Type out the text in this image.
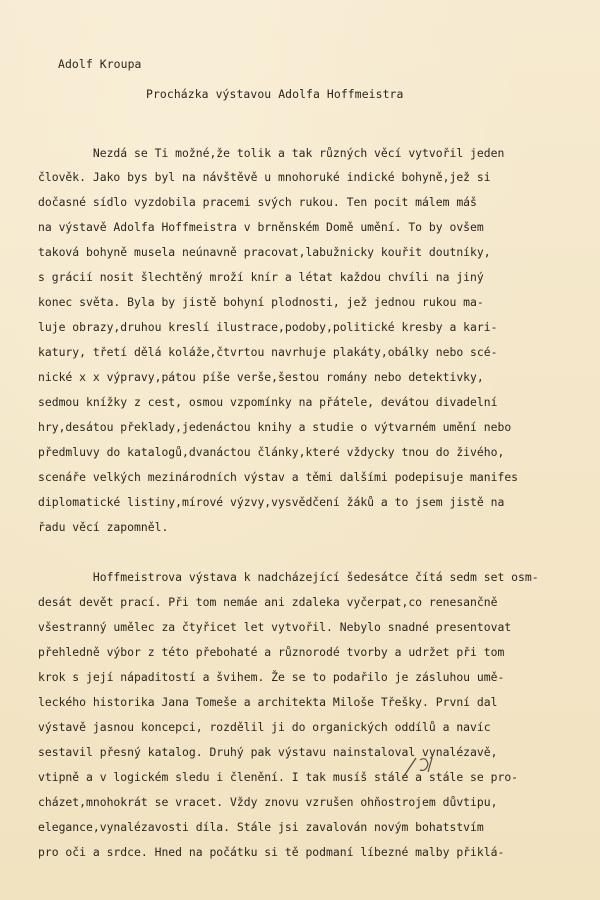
Adolf Kroupa
Procházka výstavou Adolfa Hoffmeistra
Nezdá se Ti možné,že tolik a tak různých věcí vytvořil jeden
člověk. Jako bys byl na návštěvě u mnohoruké indické bohyně,jež si
dočasné sídlo vyzdobila pracemi svých rukou. Ten pocit málem máš
na výstavě Adolfa Hoffmeistra v brněnském Domě umění. To by ovšem
taková bohyně musela neúnavně pracovat,labužnicky kouřit doutníky,
s grácií nosit šlechtěný mroží knír a létat každou chvíli na jiný
konec světa. Byla by jistě bohyní plodnosti, jež jednou rukou ma-
luje obrazy,druhou kreslí ilustrace,podoby,politické kresby a kari-
katury, třetí dělá koláže,čtvrtou navrhuje plakáty,obálky nebo scé-
nické x x výpravy,pátou píše verše,šestou romány nebo detektivky,
sedmou knížky z cest, osmou vzpomínky na přátele, devátou divadelní
hry,desátou překlady,jedenáctou knihy a studie o výtvarném umění nebo
předmluvy do katalogů,dvanáctou články,které vždycky tnou do živého,
scenáře velkých mezinárodních výstav a těmi dalšími podepisuje manifes
diplomatické listiny,mírové výzvy,vysvědčení žáků a to jsem jistě na
řadu věcí zapomněl.
Hoffmeistrova výstava k nadcházející šedesátce čítá sedm set osm-
desát devět prací. Při tom nemáe ani zdaleka vyčerpat,co renesančně
všestranný umělec za čtyřicet let vytvořil. Nebylo snadné presentovat
přehledně výbor z této přebohaté a různorodé tvorby a udržet při tom
krok s její nápaditostí a švihem. Že se to podařilo je zásluhou umě-
leckého historika Jana Tomeše a architekta Miloše Třešky. První dal
výstavě jasnou koncepci, rozdělil ji do organických oddílů a navíc
sestavil přesný katalog. Druhý pak výstavu nainstaloval vynalézavě,
vtipně a v logickém sledu i členění. I tak musíš stále a stále se pro-
cházet,mnohokrát se vracet. Vždy znovu vzrušen ohňostrojem důvtipu,
elegance,vynalézavosti díla. Stále jsi zavalován novým bohatstvím
pro oči a srdce. Hned na počátku si tě podmaní líbezné malby přiklá-
